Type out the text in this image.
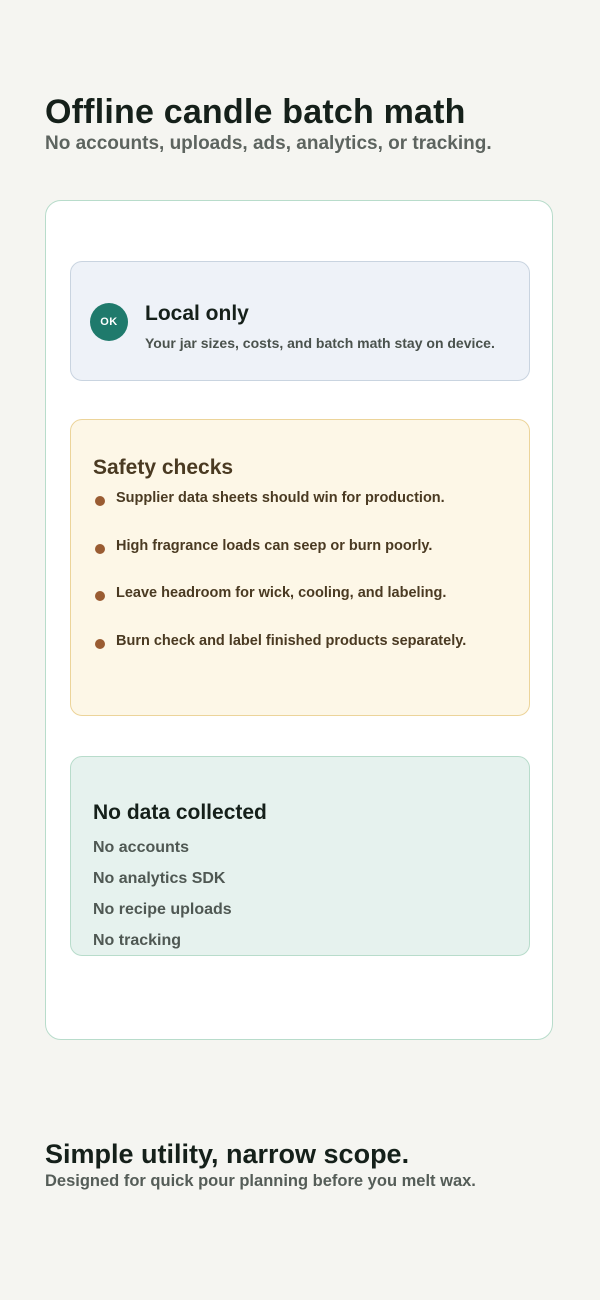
Offline candle batch math

No accounts, uploads, ads, analytics, or tracking.

OK	Local only
Your jar sizes, costs, and batch math stay on device.
Safety checks
Supplier data sheets should win for production.
High fragrance loads can seep or burn poorly.
Leave headroom for wick, cooling, and labeling.
Burn check and label finished products separately.
No data collected
No accounts
No analytics SDK
No recipe uploads
No tracking
Simple utility, narrow scope.

Designed for quick pour planning before you melt wax.
